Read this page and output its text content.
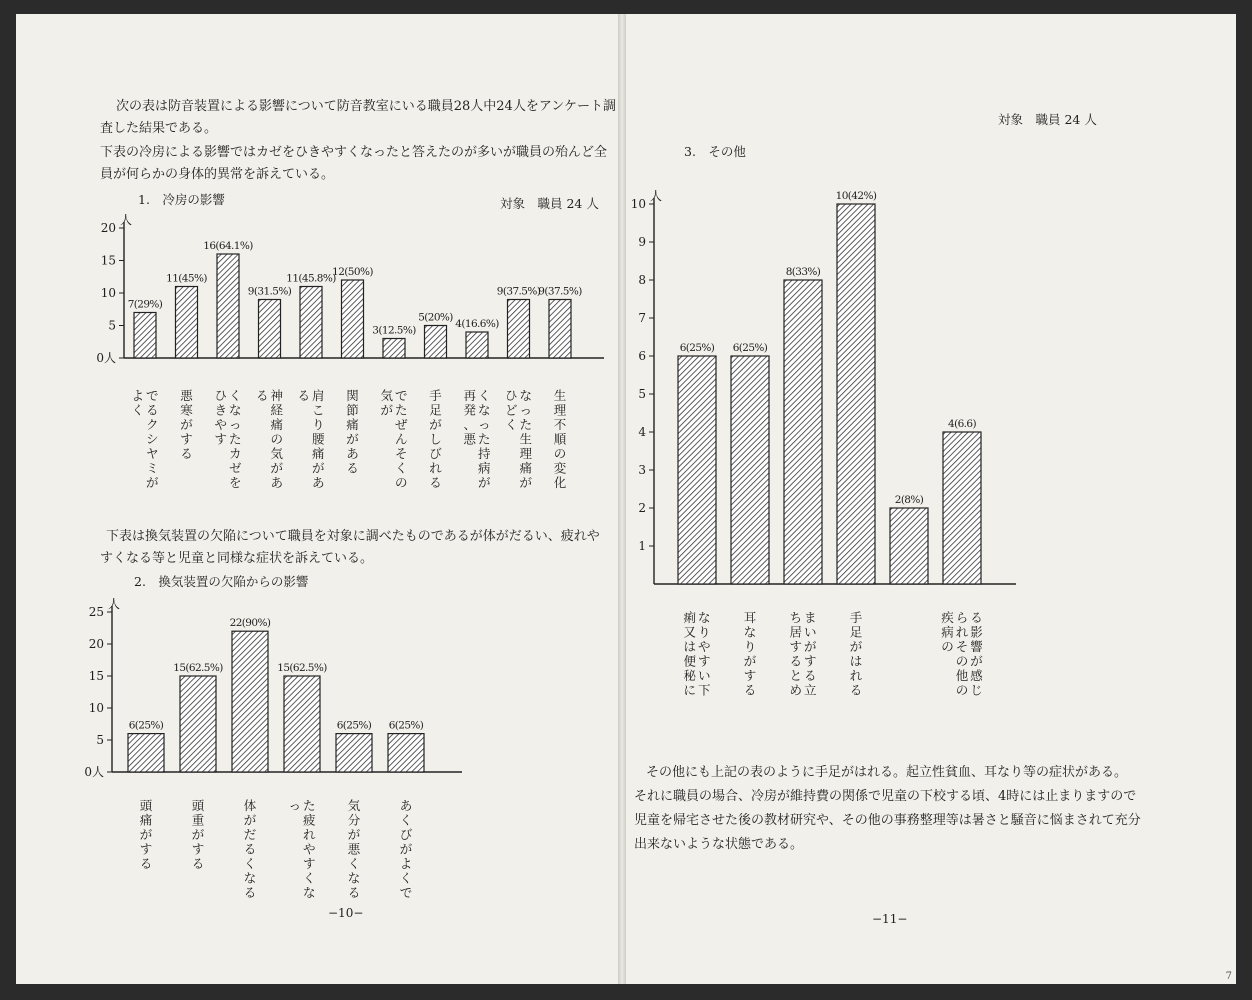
次の表は防音装置による影響について防音教室にいる職員28人中24人をアンケート調
査した結果である。
下表の冷房による影響ではカゼをひきやすくなったと答えたのが多いが職員の殆んど全
員が何らかの身体的異常を訴えている。
1.　冷房の影響	対象　職員 24 人
人
0人
5
10
15
20
7(29%)
でるクシヤミがよく
11(45%)
悪寒がする
16(64.1%)
くなったカゼをひきやす
9(31.5%)
神経痛の気がある
11(45.8%)
肩こり腰痛がある
12(50%)
関節痛がある
3(12.5%)
でたぜんそくの気が
5(20%)
手足がしびれる
4(16.6%)
くなった持病が再発、悪
9(37.5%)
なった生理痛がひどく
9(37.5%)
生理不順の変化
下表は換気装置の欠陥について職員を対象に調べたものであるが体がだるい、疲れや
すくなる等と児童と同様な症状を訴えている。
2.　換気装置の欠陥からの影響
人
0人
5
10
15
20
25
6(25%)
頭痛がする
15(62.5%)
頭重がする
22(90%)
体がだるくなる
15(62.5%)
た疲れやすくなっ
6(25%)
気分が悪くなる
6(25%)
あくびがよくで
−10−
対象　職員 24 人
3.　その他
人
1
2
3
4
5
6
7
8
9
10
6(25%)
なりやすい下痢又は便秘に
6(25%)
耳なりがする
8(33%)
まいがする立ち居するとめ
10(42%)
手足がはれる
2(8%)
4(6.6)
る影響が感じられその他の疾病の
その他にも上記の表のように手足がはれる。起立性貧血、耳なり等の症状がある。
それに職員の場合、冷房が維持費の関係で児童の下校する頃、4時には止まりますので
児童を帰宅させた後の教材研究や、その他の事務整理等は暑さと騒音に悩まされて充分
出来ないような状態である。
−11−
7
